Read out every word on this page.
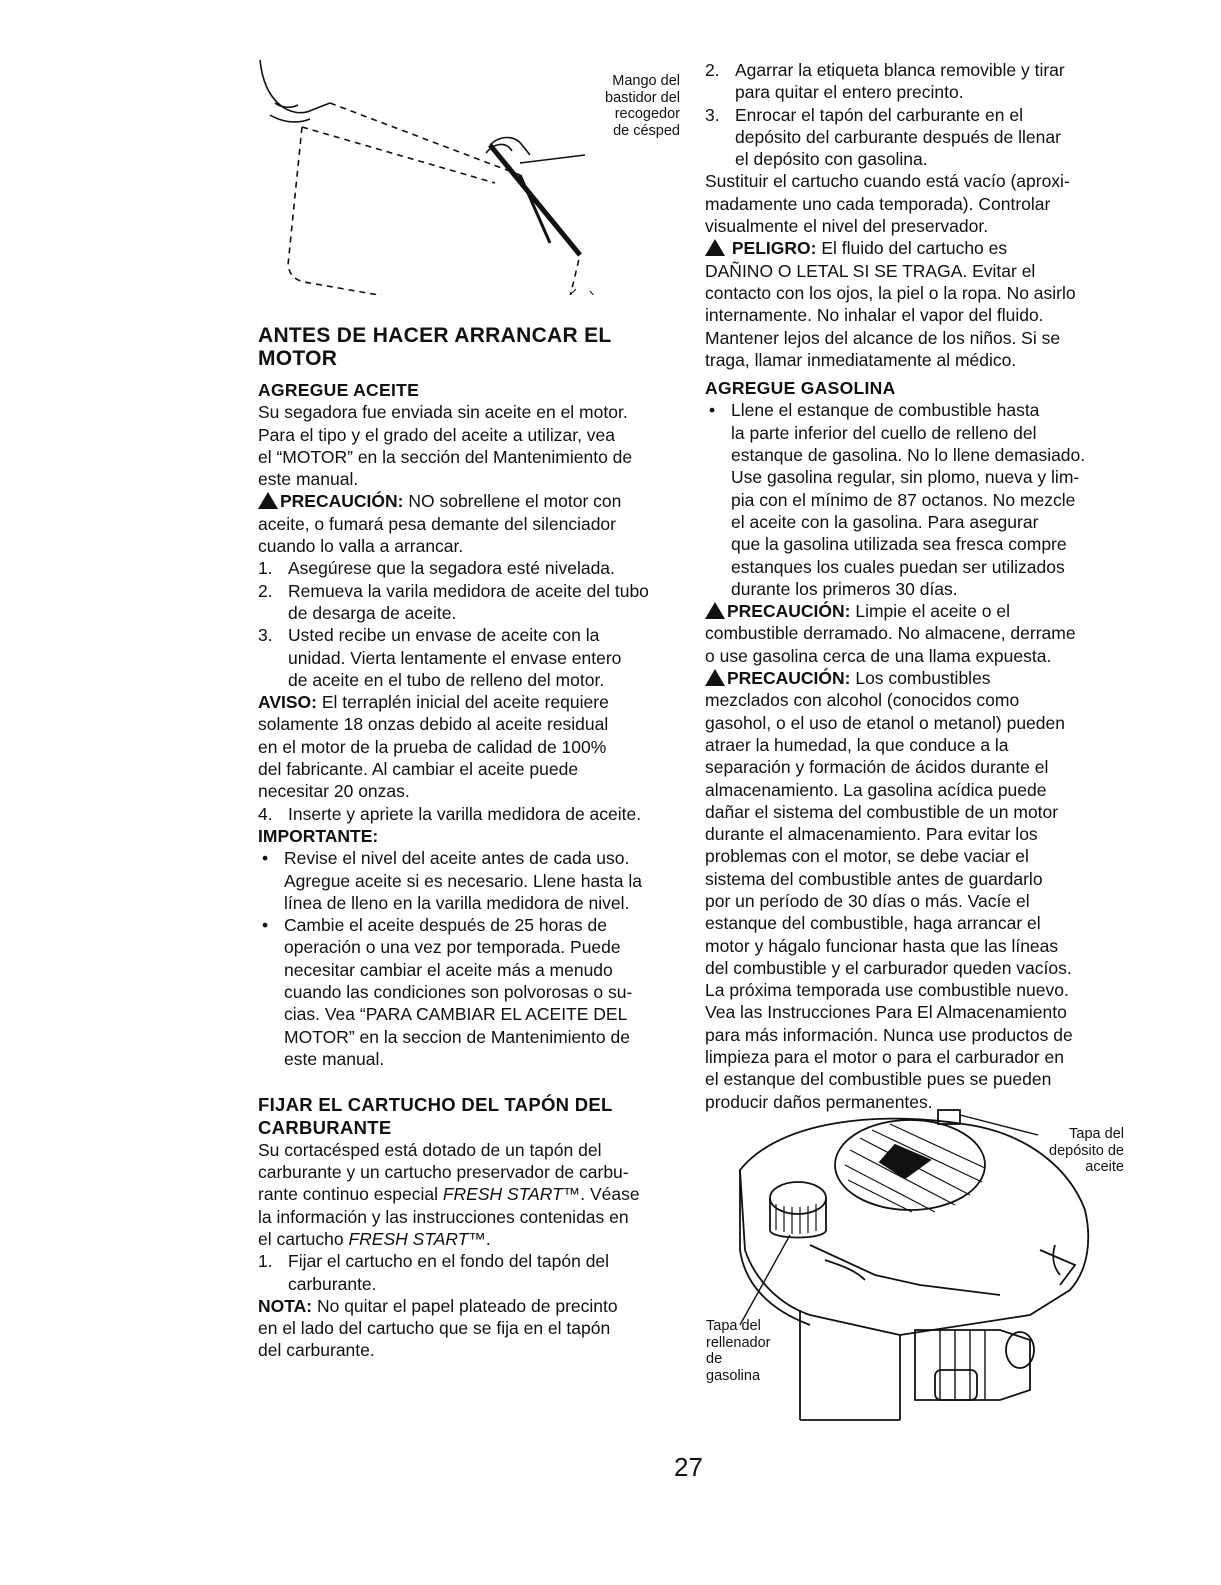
Mango del
bastidor del
recogedor
de césped
ANTES DE HACER ARRANCAR EL
MOTOR
AGREGUE ACEITE

Su segadora fue enviada sin aceite en el motor.
Para el tipo y el grado del aceite a utilizar, vea
el “MOTOR” en la sección del Mantenimiento de
este manual.

PRECAUCIÓN: NO sobrellene el motor con
aceite, o fumará pesa demante del silenciador
cuando lo valla a arrancar.

1. Asegúrese que la segadora esté nivelada.
2. Remueva la varila medidora de aceite del tubo
de desarga de aceite.
3. Usted recibe un envase de aceite con la
unidad. Vierta lentamente el envase entero
de aceite en el tubo de relleno del motor.

AVISO: El terraplén inicial del aceite requiere
solamente 18 onzas debido al aceite residual
en el motor de la prueba de calidad de 100%
del fabricante. Al cambiar el aceite puede
necesitar 20 onzas.

4. Inserte y apriete la varilla medidora de aceite.
IMPORTANTE:
• Revise el nivel del aceite antes de cada uso.
Agregue aceite si es necesario. Llene hasta la
línea de lleno en la varilla medidora de nivel.
• Cambie el aceite después de 25 horas de
operación o una vez por temporada. Puede
necesitar cambiar el aceite más a menudo
cuando las condiciones son polvorosas o su-
cias. Vea “PARA CAMBIAR EL ACEITE DEL
MOTOR” en la seccion de Mantenimiento de
este manual.
FIJAR EL CARTUCHO DEL TAPÓN DEL
CARBURANTE

Su cortacésped está dotado de un tapón del
carburante y un cartucho preservador de carbu-
rante continuo especial FRESH START™. Véase
la información y las instrucciones contenidas en
el cartucho FRESH START™.

1. Fijar el cartucho en el fondo del tapón del
carburante.

NOTA: No quitar el papel plateado de precinto
en el lado del cartucho que se fija en el tapón
del carburante.

2. Agarrar la etiqueta blanca removible y tirar
para quitar el entero precinto.
3. Enrocar el tapón del carburante en el
depósito del carburante después de llenar
el depósito con gasolina.

Sustituir el cartucho cuando está vacío (aproxi-
madamente uno cada temporada). Controlar
visualmente el nivel del preservador.

PELIGRO: El fluido del cartucho es
DAÑINO O LETAL SI SE TRAGA. Evitar el
contacto con los ojos, la piel o la ropa. No asirlo
internamente. No inhalar el vapor del fluido.
Mantener lejos del alcance de los niños. Si se
traga, llamar inmediatamente al médico.

AGREGUE GASOLINA
• Llene el estanque de combustible hasta
la parte inferior del cuello de relleno del
estanque de gasolina. No lo llene demasiado.
Use gasolina regular, sin plomo, nueva y lim-
pia con el mínimo de 87 octanos. No mezcle
el aceite con la gasolina. Para asegurar
que la gasolina utilizada sea fresca compre
estanques los cuales puedan ser utilizados
durante los primeros 30 días.

PRECAUCIÓN: Limpie el aceite o el
combustible derramado. No almacene, derrame
o use gasolina cerca de una llama expuesta.

PRECAUCIÓN: Los combustibles
mezclados con alcohol (conocidos como
gasohol, o el uso de etanol o metanol) pueden
atraer la humedad, la que conduce a la
separación y formación de ácidos durante el
almacenamiento. La gasolina acídica puede
dañar el sistema del combustible de un motor
durante el almacenamiento. Para evitar los
problemas con el motor, se debe vaciar el
sistema del combustible antes de guardarlo
por un período de 30 días o más. Vacíe el
estanque del combustible, haga arrancar el
motor y hágalo funcionar hasta que las líneas
del combustible y el carburador queden vacíos.
La próxima temporada use combustible nuevo.
Vea las Instrucciones Para El Almacenamiento
para más información. Nunca use productos de
limpieza para el motor o para el carburador en
el estanque del combustible pues se pueden
producir daños permanentes.

Tapa del
depósito de
aceite
Tapa del
rellenador
de
gasolina
27
